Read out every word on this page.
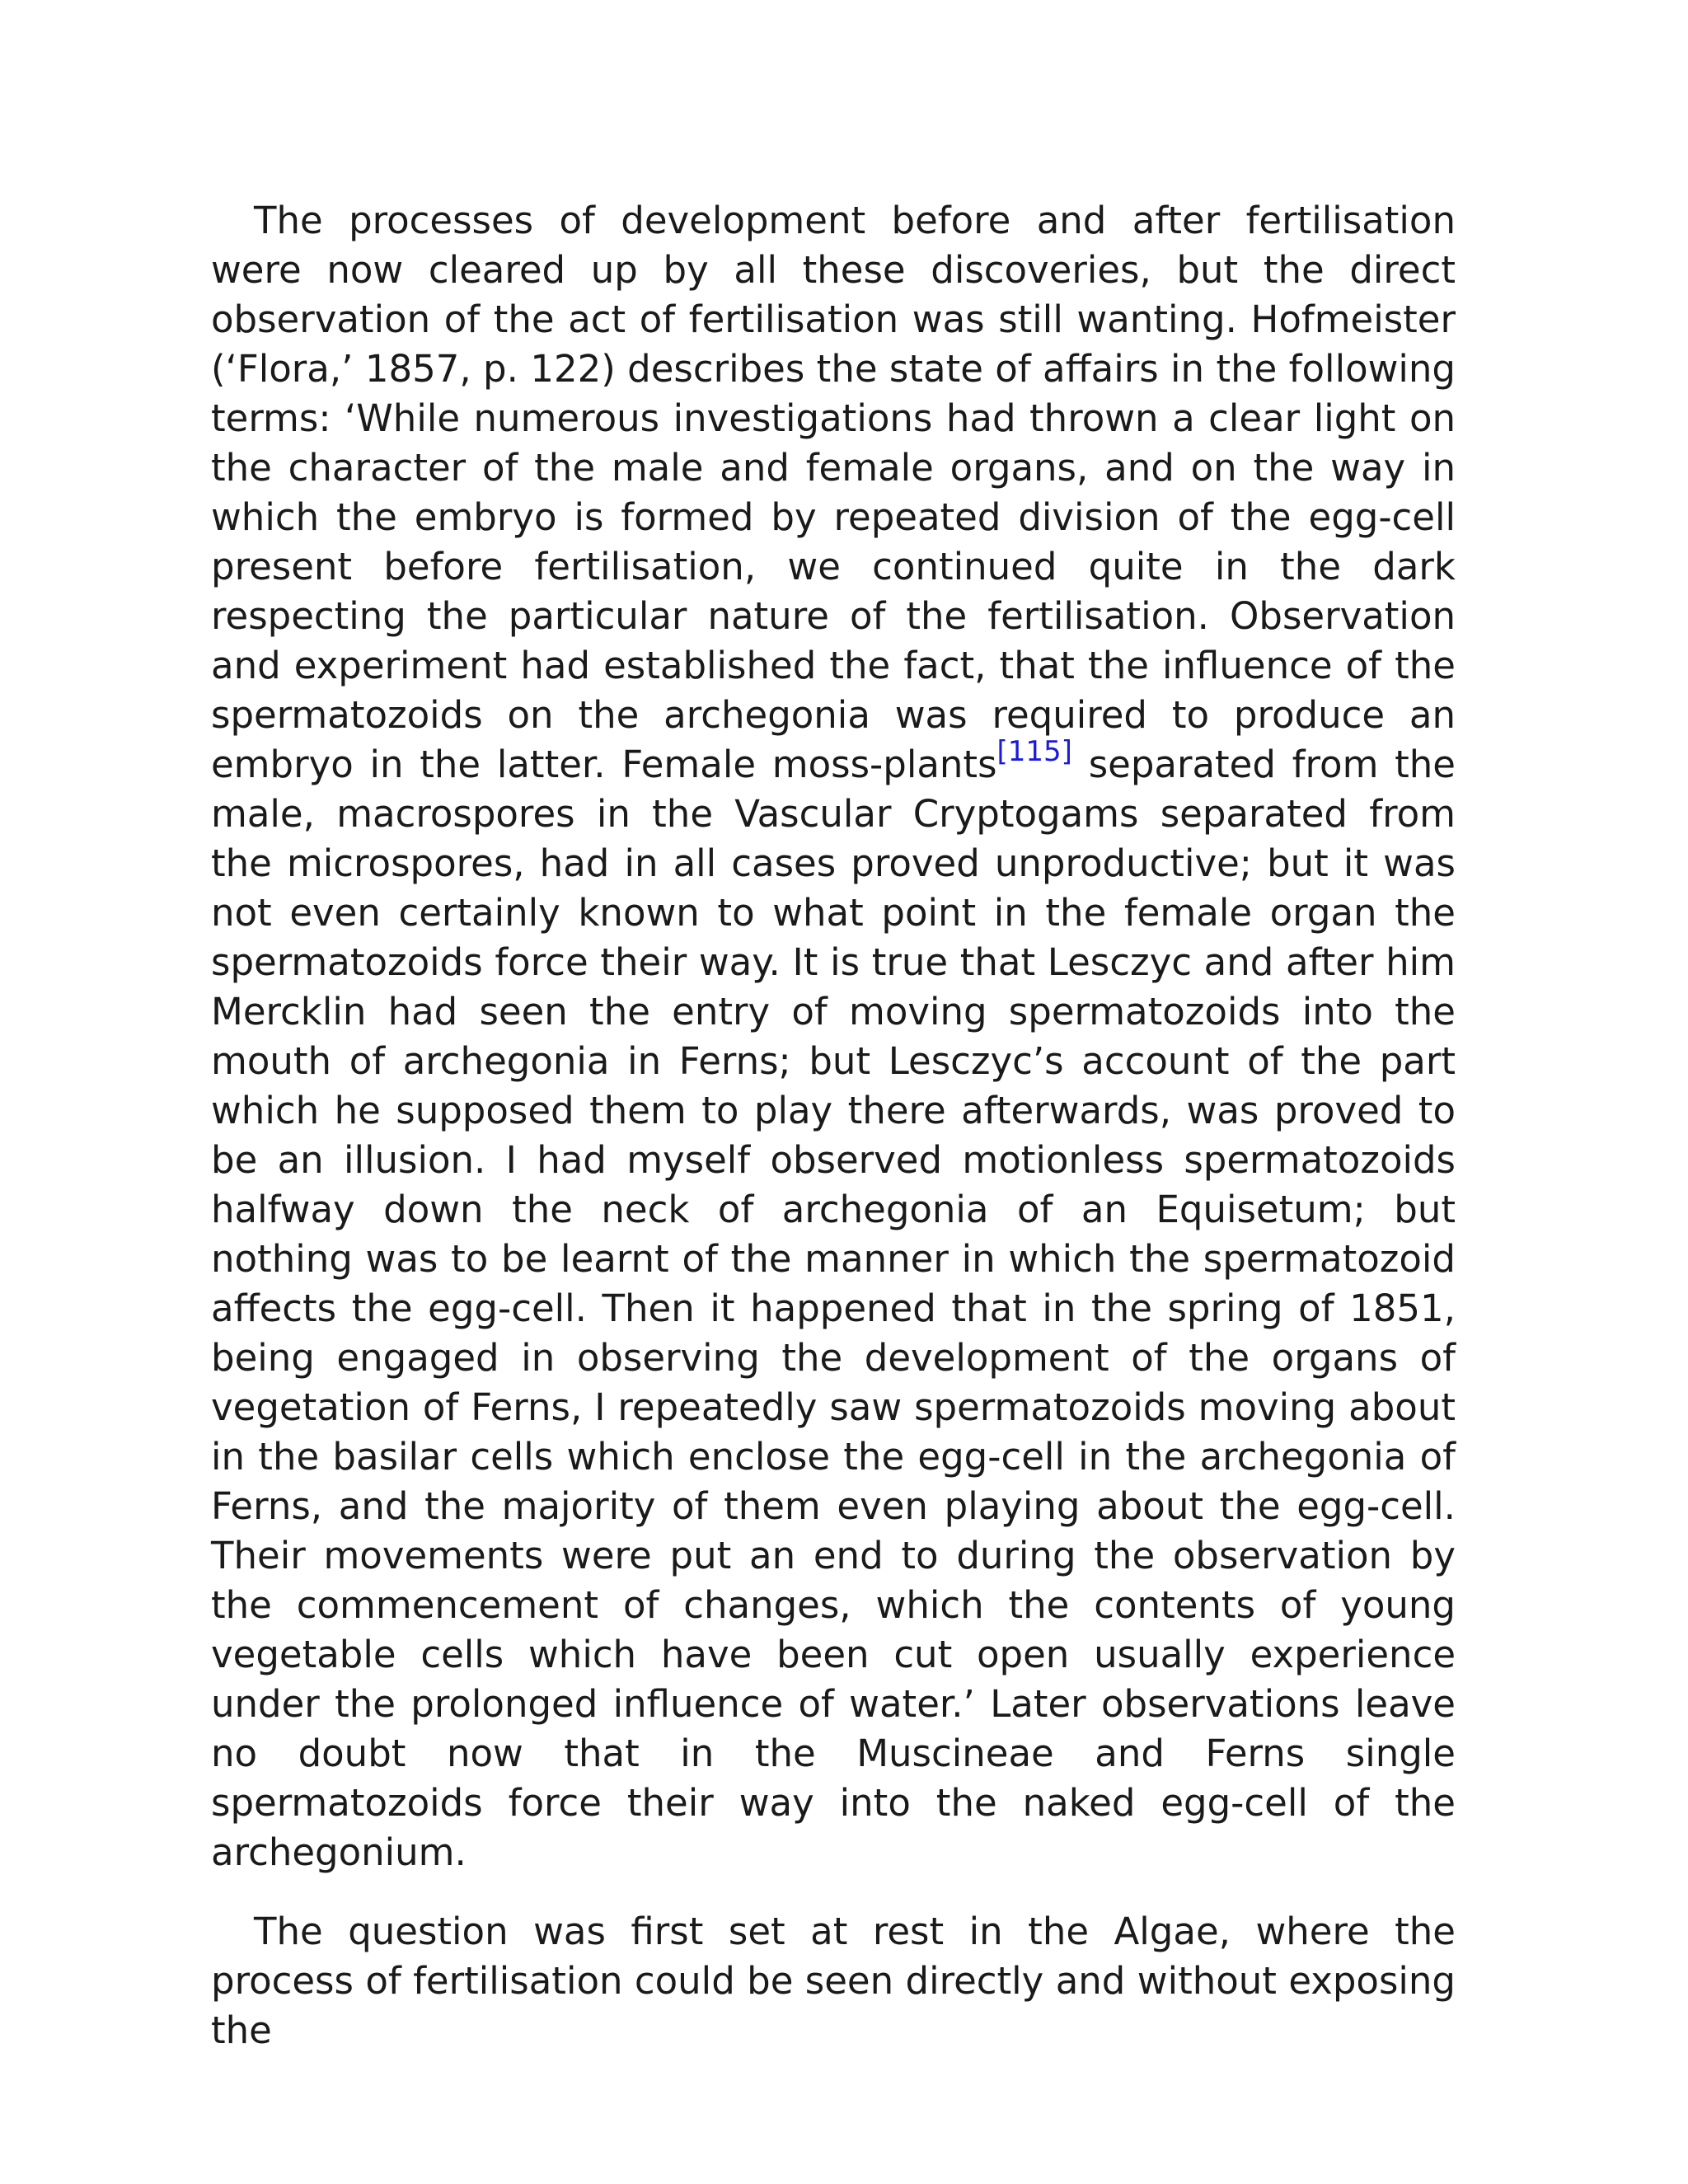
The processes of development before and after fertilisation were now cleared up by all these discoveries, but the direct observation of the act of fertilisation was still wanting. Hofmeister (‘Flora,’ 1857, p. 122) describes the state of affairs in the following terms: ‘While numerous investigations had thrown a clear light on the character of the male and female organs, and on the way in which the embryo is formed by repeated division of the egg-cell present before fertilisation, we continued quite in the dark respecting the particular nature of the fertilisation. Observation and experiment had established the fact, that the influence of the spermatozoids on the archegonia was required to produce an embryo in the latter. Female moss-plants[115] separated from the male, macrospores in the Vascular Cryptogams separated from the microspores, had in all cases proved unproductive; but it was not even certainly known to what point in the female organ the spermatozoids force their way. It is true that Lesczyc and after him Mercklin had seen the entry of moving spermatozoids into the mouth of archegonia in Ferns; but Lesczyc’s account of the part which he supposed them to play there afterwards, was proved to be an illusion. I had myself observed motionless spermatozoids halfway down the neck of archegonia of an Equisetum; but nothing was to be learnt of the manner in which the spermatozoid affects the egg-cell. Then it happened that in the spring of 1851, being engaged in observing the development of the organs of vegetation of Ferns, I repeatedly saw spermatozoids moving about in the basilar cells which enclose the egg-cell in the archegonia of Ferns, and the majority of them even playing about the egg-cell. Their movements were put an end to during the observation by the commencement of changes, which the contents of young vegetable cells which have been cut open usually experience under the prolonged influence of water.’ Later observations leave no doubt now that in the Muscineae and Ferns single spermatozoids force their way into the naked egg-cell of the archegonium.

The question was first set at rest in the Algae, where the process of fertilisation could be seen directly and without exposing the
